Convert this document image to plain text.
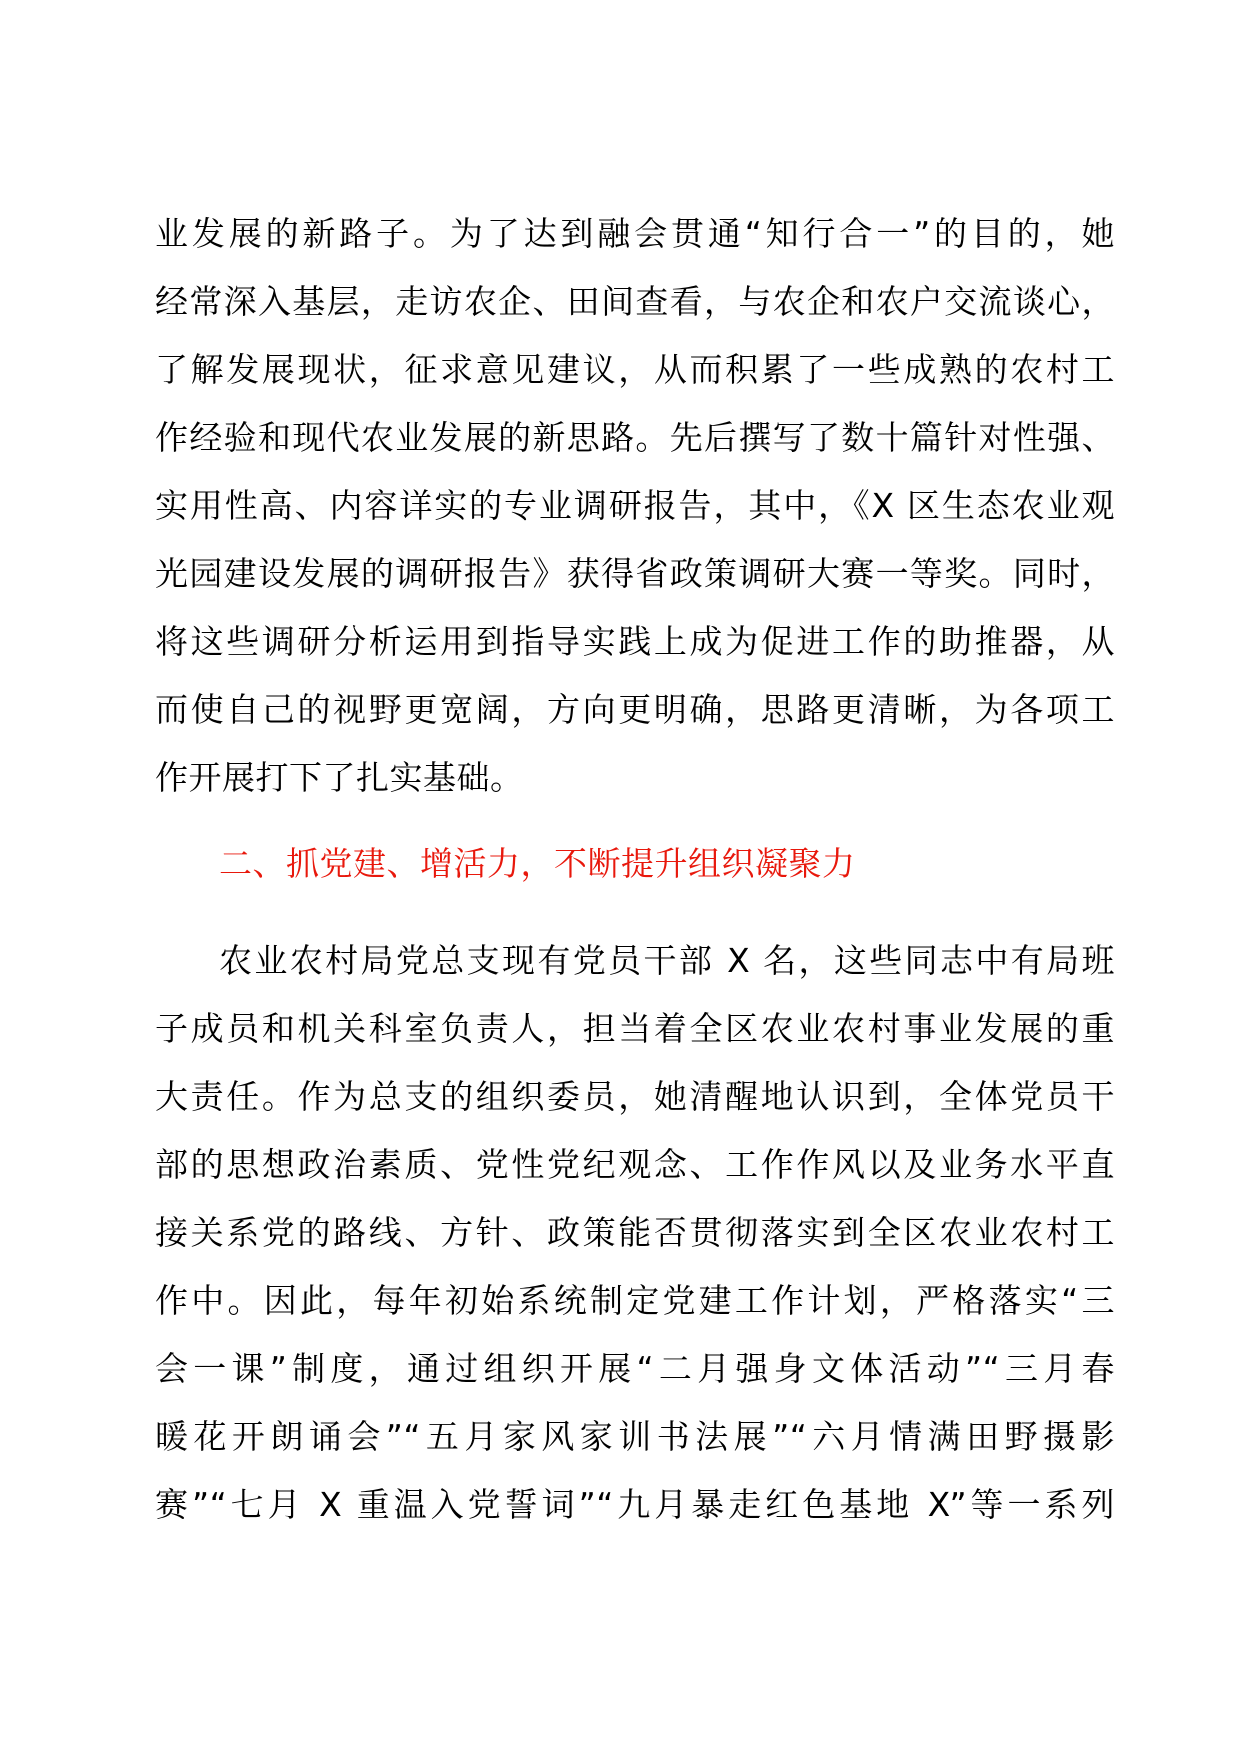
业发展的新路子。为了达到融会贯通“知行合一”的目的，她
经常深入基层，走访农企、田间查看，与农企和农户交流谈心，
了解发展现状，征求意见建议，从而积累了一些成熟的农村工
作经验和现代农业发展的新思路。先后撰写了数十篇针对性强、
实用性高、内容详实的专业调研报告，其中，《X 区生态农业观
光园建设发展的调研报告》获得省政策调研大赛一等奖。同时，
将这些调研分析运用到指导实践上成为促进工作的助推器，从
而使自己的视野更宽阔，方向更明确，思路更清晰，为各项工
作开展打下了扎实基础。
二、抓党建、增活力，不断提升组织凝聚力
农业农村局党总支现有党员干部 X 名，这些同志中有局班
子成员和机关科室负责人，担当着全区农业农村事业发展的重
大责任。作为总支的组织委员，她清醒地认识到，全体党员干
部的思想政治素质、党性党纪观念、工作作风以及业务水平直
接关系党的路线、方针、政策能否贯彻落实到全区农业农村工
作中。因此，每年初始系统制定党建工作计划，严格落实“三
会一课”制度，通过组织开展“二月强身文体活动”“三月春
暖花开朗诵会”“五月家风家训书法展”“六月情满田野摄影
赛”“七月 X 重温入党誓词”“九月暴走红色基地 X”等一系列
